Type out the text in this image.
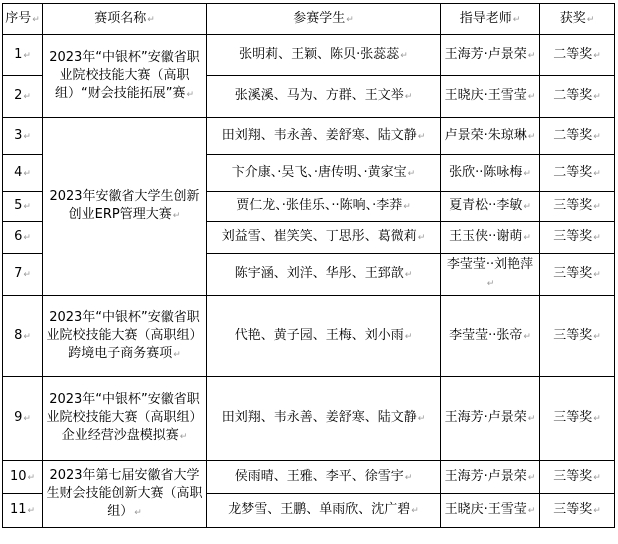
序号↵	赛项名称↵	参赛学生↵	指导老师↵	获奖↵
1↵	2023年“中银杯”安徽省职业院校技能大赛（高职组）“财会技能拓展”赛↵	张明莉、王颖、陈贝·张蕊蕊↵	王海芳·卢景荣↵	二等奖↵
2↵		张溪溪、马为、方群、王文举↵	王晓庆·王雪莹↵	二等奖↵
3↵	2023年安徽省大学生创新创业ERP管理大赛↵	田刘翔、韦永善、姜舒寒、陆文静↵	卢景荣·朱琼琳↵	二等奖↵
4↵		卞介康、·吴飞、·唐传明、·黄家宝↵	张欣··陈咏梅↵	二等奖↵
5↵		贾仁龙、·张佳乐、··陈响、·李莽↵	夏青松··李敏↵	三等奖↵
6↵		刘益雪、崔笑笑、丁思彤、葛微莉↵	王玉侠··谢萌↵	三等奖↵
7↵		陈宇涵、刘洋、华彤、王郅歆↵	李莹莹··刘艳萍↵	三等奖↵
8↵	2023年“中银杯”安徽省职业院校技能大赛（高职组）跨境电子商务赛项↵	代艳、黄子园、王梅、刘小雨↵	李莹莹··张帝↵	三等奖↵
9↵	2023年“中银杯”安徽省职业院校技能大赛（高职组）企业经营沙盘模拟赛↵	田刘翔、韦永善、姜舒寒、陆文静↵	王海芳·卢景荣↵	三等奖↵
10↵	2023年第七届安徽省大学生财会技能创新大赛（高职组）↵	侯雨晴、王雅、李平、徐雪宇↵	王海芳·卢景荣↵	三等奖↵
11↵		龙梦雪、王鹏、单雨欣、沈广碧↵	王晓庆·王雪莹↵	三等奖↵
